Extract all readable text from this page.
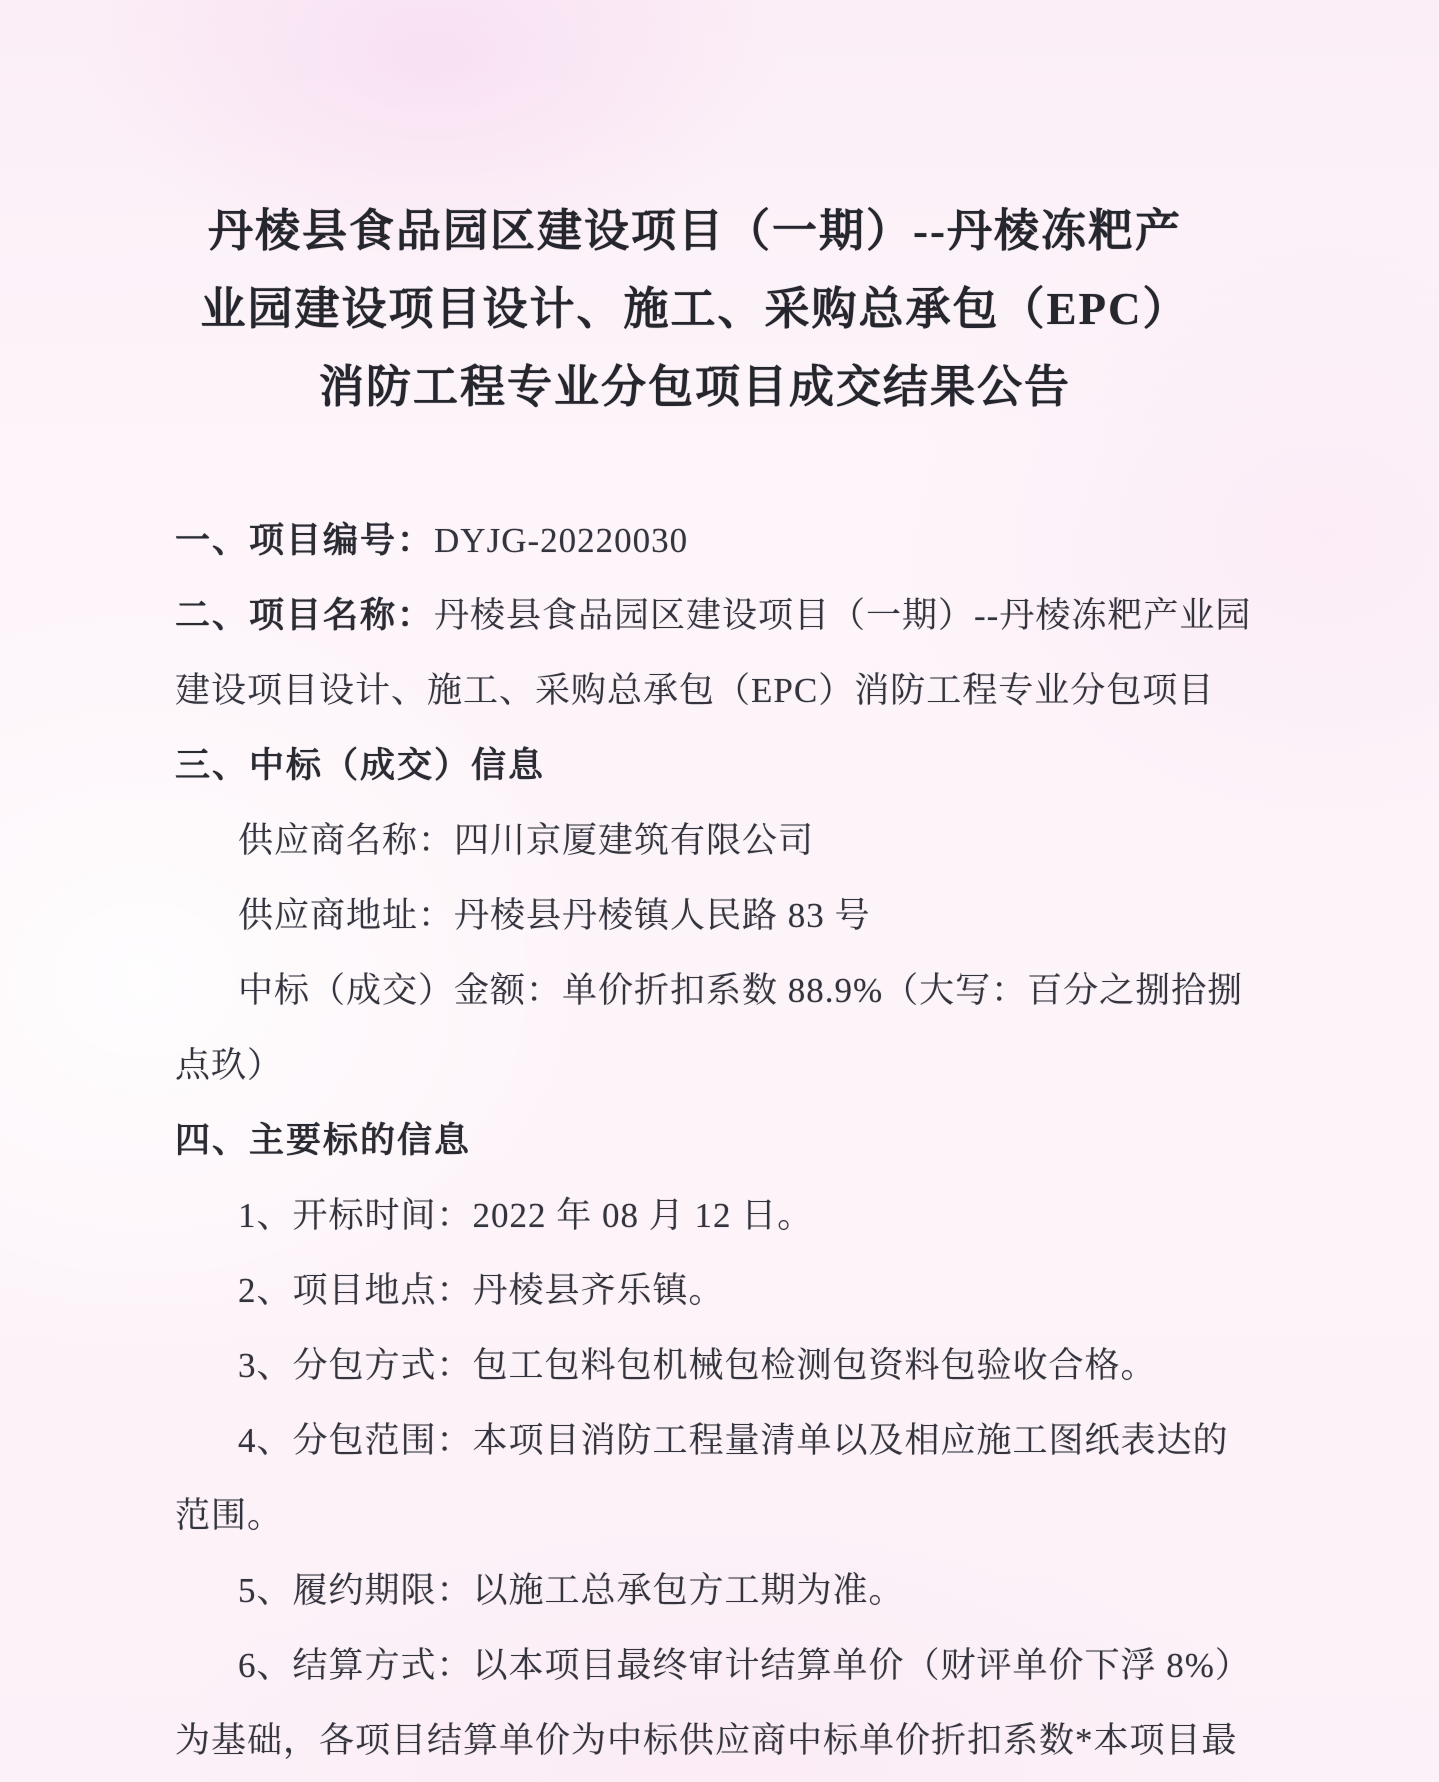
丹棱县食品园区建设项目（一期）--丹棱冻粑产
业园建设项目设计、施工、采购总承包（EPC）
消防工程专业分包项目成交结果公告
一、项目编号：DYJG-20220030
二、项目名称：丹棱县食品园区建设项目（一期）--丹棱冻粑产业园
建设项目设计、施工、采购总承包（EPC）消防工程专业分包项目
三、中标（成交）信息
供应商名称：四川京厦建筑有限公司
供应商地址：丹棱县丹棱镇人民路 83 号
中标（成交）金额：单价折扣系数 88.9%（大写：百分之捌拾捌
点玖）
四、主要标的信息
1、开标时间：2022 年 08 月 12 日。
2、项目地点：丹棱县齐乐镇。
3、分包方式：包工包料包机械包检测包资料包验收合格。
4、分包范围：本项目消防工程量清单以及相应施工图纸表达的
范围。
5、履约期限：以施工总承包方工期为准。
6、结算方式：以本项目最终审计结算单价（财评单价下浮 8%）
为基础，各项目结算单价为中标供应商中标单价折扣系数*本项目最
